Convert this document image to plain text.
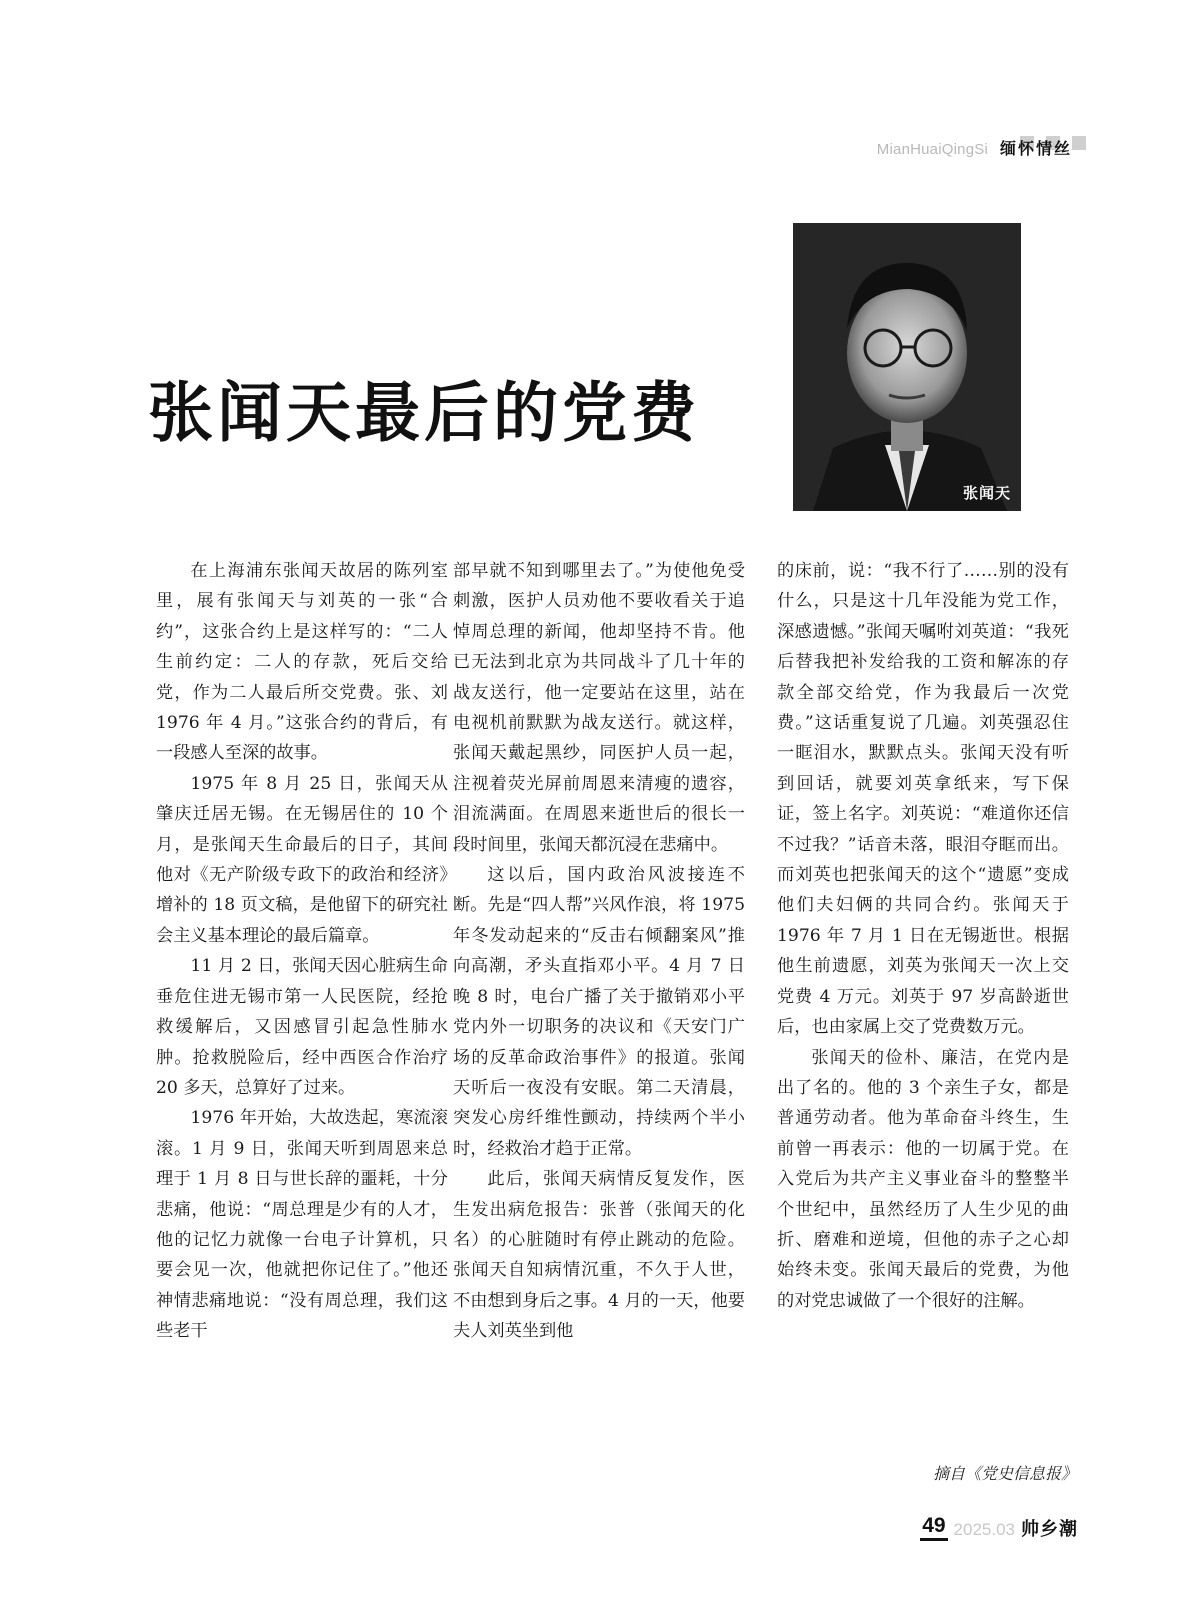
MianHuaiQingSi 缅怀情丝
张闻天最后的党费
张闻天

在上海浦东张闻天故居的陈列室里，展有张闻天与刘英的一张“合约”，这张合约上是这样写的：“二人生前约定：二人的存款，死后交给党，作为二人最后所交党费。张、刘 1976 年 4 月。”这张合约的背后，有一段感人至深的故事。

1975 年 8 月 25 日，张闻天从肇庆迁居无锡。在无锡居住的 10 个月，是张闻天生命最后的日子，其间他对《无产阶级专政下的政治和经济》增补的 18 页文稿，是他留下的研究社会主义基本理论的最后篇章。

11 月 2 日，张闻天因心脏病生命垂危住进无锡市第一人民医院，经抢救缓解后，又因感冒引起急性肺水肿。抢救脱险后，经中西医合作治疗 20 多天，总算好了过来。

1976 年开始，大故迭起，寒流滚滚。1 月 9 日，张闻天听到周恩来总理于 1 月 8 日与世长辞的噩耗，十分悲痛，他说：“周总理是少有的人才，他的记忆力就像一台电子计算机，只要会见一次，他就把你记住了。”他还神情悲痛地说：“没有周总理，我们这些老干

部早就不知到哪里去了。”为使他免受刺激，医护人员劝他不要收看关于追悼周总理的新闻，他却坚持不肯。他已无法到北京为共同战斗了几十年的战友送行，他一定要站在这里，站在电视机前默默为战友送行。就这样，张闻天戴起黑纱，同医护人员一起，注视着荧光屏前周恩来清瘦的遗容，泪流满面。在周恩来逝世后的很长一段时间里，张闻天都沉浸在悲痛中。

这以后，国内政治风波接连不断。先是“四人帮”兴风作浪，将 1975 年冬发动起来的“反击右倾翻案风”推向高潮，矛头直指邓小平。4 月 7 日晚 8 时，电台广播了关于撤销邓小平党内外一切职务的决议和《天安门广场的反革命政治事件》的报道。张闻天听后一夜没有安眠。第二天清晨，突发心房纤维性颤动，持续两个半小时，经救治才趋于正常。

此后，张闻天病情反复发作，医生发出病危报告：张普（张闻天的化名）的心脏随时有停止跳动的危险。张闻天自知病情沉重，不久于人世，不由想到身后之事。4 月的一天，他要夫人刘英坐到他

的床前，说：“我不行了……别的没有什么，只是这十几年没能为党工作，深感遗憾。”张闻天嘱咐刘英道：“我死后替我把补发给我的工资和解冻的存款全部交给党，作为我最后一次党费。”这话重复说了几遍。刘英强忍住一眶泪水，默默点头。张闻天没有听到回话，就要刘英拿纸来，写下保证，签上名字。刘英说：“难道你还信不过我？”话音未落，眼泪夺眶而出。而刘英也把张闻天的这个“遗愿”变成他们夫妇俩的共同合约。张闻天于 1976 年 7 月 1 日在无锡逝世。根据他生前遗愿，刘英为张闻天一次上交党费 4 万元。刘英于 97 岁高龄逝世后，也由家属上交了党费数万元。

张闻天的俭朴、廉洁，在党内是出了名的。他的 3 个亲生子女，都是普通劳动者。他为革命奋斗终生，生前曾一再表示：他的一切属于党。在入党后为共产主义事业奋斗的整整半个世纪中，虽然经历了人生少见的曲折、磨难和逆境，但他的赤子之心却始终未变。张闻天最后的党费，为他的对党忠诚做了一个很好的注解。

摘自《党史信息报》
49 2025.03 帅乡潮
